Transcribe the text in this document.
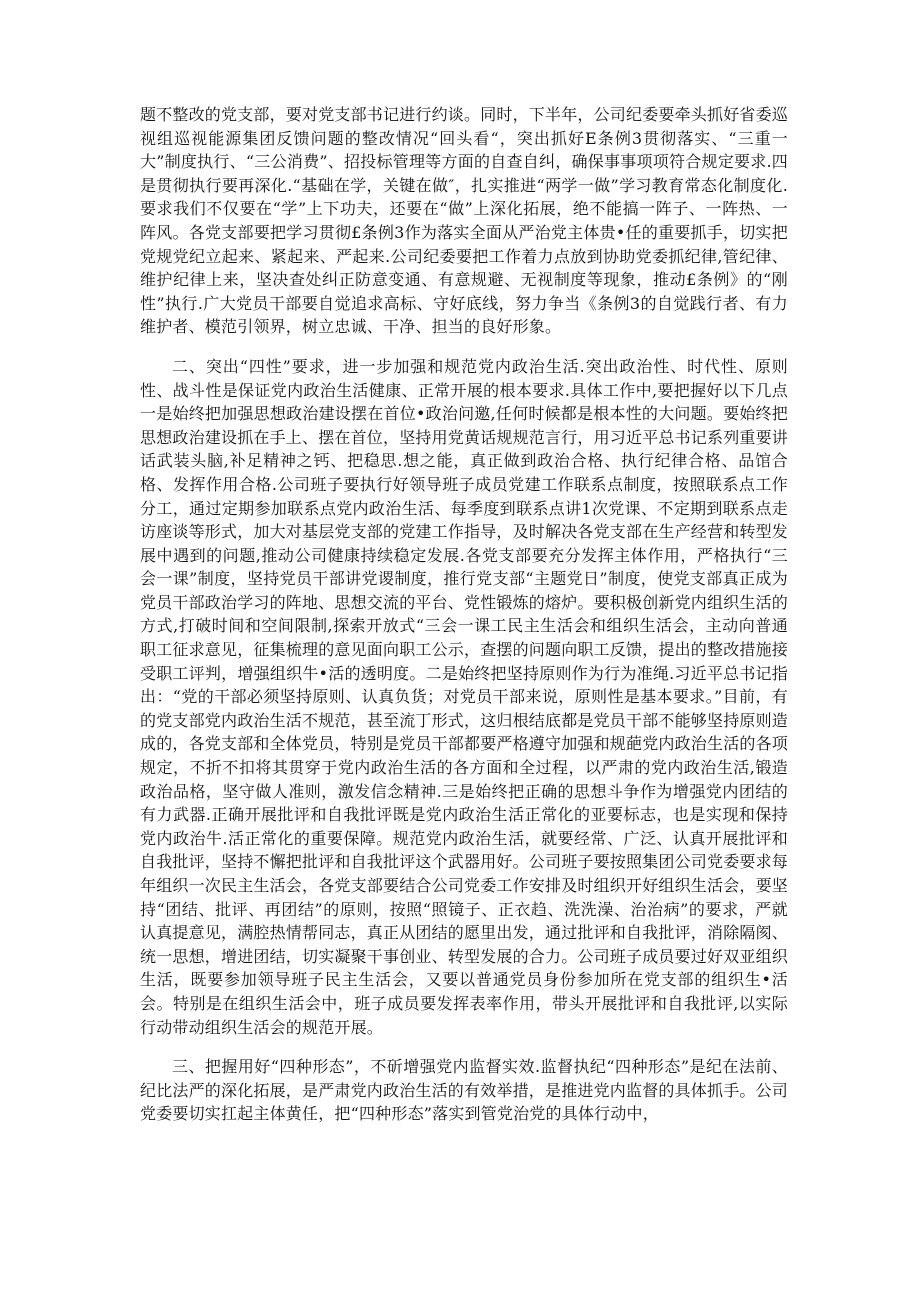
题不整改的党支部，要对党支部书记进行约谈。同时，下半年，公司纪委要牵头抓好省委巡视组巡视能源集团反馈问题的整改情况“回头看“，突出抓好E条例3贯彻落实、“三重一大”制度执行、“三公消费”、招投标管理等方面的自查自纠，确保事事项项符合规定要求.四是贯彻执行要再深化.“基础在学，关键在做″，扎实推进“两学一做”学习教育常态化制度化.要求我们不仅要在“学”上下功夫，还要在“做”上深化拓展，绝不能搞一阵子、一阵热、一阵风。各党支部要把学习贯彻£条例3作为落实全面从严治党主体贵•任的重要抓手，切实把党规党纪立起来、紧起来、严起来.公司纪委要把工作着力点放到协助党委抓纪律,管纪律、维护纪律上来，坚决查处纠正防意变通、有意规避、无视制度等现象，推动£条例》的“刚性”执行.广大党员干部要自觉追求高标、守好底线，努力争当《条例3的自觉践行者、有力维护者、模范引领界，树立忠诚、干净、担当的良好形象。

二、突出“四性”要求，进一步加强和规范党内政治生活.突出政治性、时代性、原则性、战斗性是保证党内政治生活健康、正常开展的根本要求.具体工作中,要把握好以下几点一是始终把加强思想政治建设摆在首位•政治问邀,任何时候都是根本性的大问题。要始终把思想政治建设抓在手上、摆在首位，坚持用党黄话规规范言行，用习近平总书记系列重要讲话武装头脑,补足精神之钙、把稳思.想之能，真正做到政治合格、执行纪律合格、品馆合格、发挥作用合格.公司班子要执行好领导班子成员党建工作联系点制度，按照联系点工作分工，通过定期参加联系点党内政治生活、每季度到联系点讲1次党课、不定期到联系点走访座谈等形式，加大对基层党支部的党建工作指导，及时解决各党支部在生产经营和转型发展中遇到的问题,推动公司健康持续稳定发展.各党支部要充分发挥主体作用，严格执行“三会一课”制度，坚持党员干部讲党谡制度，推行党支部“主题党日”制度，使党支部真正成为党员干部政治学习的阵地、思想交流的平台、党性锻炼的熔炉。要积极创新党内组织生活的方式,打破时间和空间限制,探索开放式“三会一课工民主生活会和组织生活会，主动向普通职工征求意见，征集梳理的意见面向职工公示，查摆的问题向职工反馈，提出的整改措施接受职工评判，增强组织牛•活的透明度。二是始终把坚持原则作为行为准绳.习近平总书记指出：“党的干部必须坚持原则、认真负货；对党员干部来说，原则性是基本要求。”目前，有的党支部党内政治生活不规范，甚至流丁形式，这归根结底都是党员干部不能够坚持原则造成的，各党支部和全体党员，特别是党员干部都要严格遵守加强和规葩党内政治生活的各项规定，不折不扣将其贯穿于党内政治生活的各方面和全过程，以严肃的党内政治生活,锻造政治品格，坚守做人准则，激发信念精神.三是始终把正确的思想斗争作为增强党内团结的有力武器.正确开展批评和自我批评既是党内政治生活正常化的亚要标志，也是实现和保持党内政治牛.活正常化的重要保障。规范党内政治生活，就要经常、广泛、认真开展批评和自我批评，坚持不懈把批评和自我批评这个武器用好。公司班子要按照集团公司党委要求每年组织一次民主生活会，各党支部要结合公司党委工作安排及时组织开好组织生活会，要坚持“团结、批评、再团结”的原则，按照“照镜子、正衣趋、洗洗澡、治治病”的要求，严就认真提意见，满腔热情帮同志，真正从团结的愿里出发，通过批评和自我批评，消除隔阂、统一思想，增进团结，切实凝聚干事创业、转型发展的合力。公司班子成员要过好双亚组织生活，既要参加领导班子民主生活会，又要以普通党员身份参加所在党支部的组织生•活会。特别是在组织生活会中，班子成员要发挥表率作用，带头开展批评和自我批评,以实际行动带动组织生活会的规范开展。

三、把握用好“四种形态”，不斫增强党内监督实效.监督执纪“四种形态”是纪在法前、纪比法严的深化拓展，是严肃党内政治生活的有效举措，是推进党内监督的具体抓手。公司党委要切实扛起主体黄任，把“四种形态”落实到管党治党的具体行动中，
